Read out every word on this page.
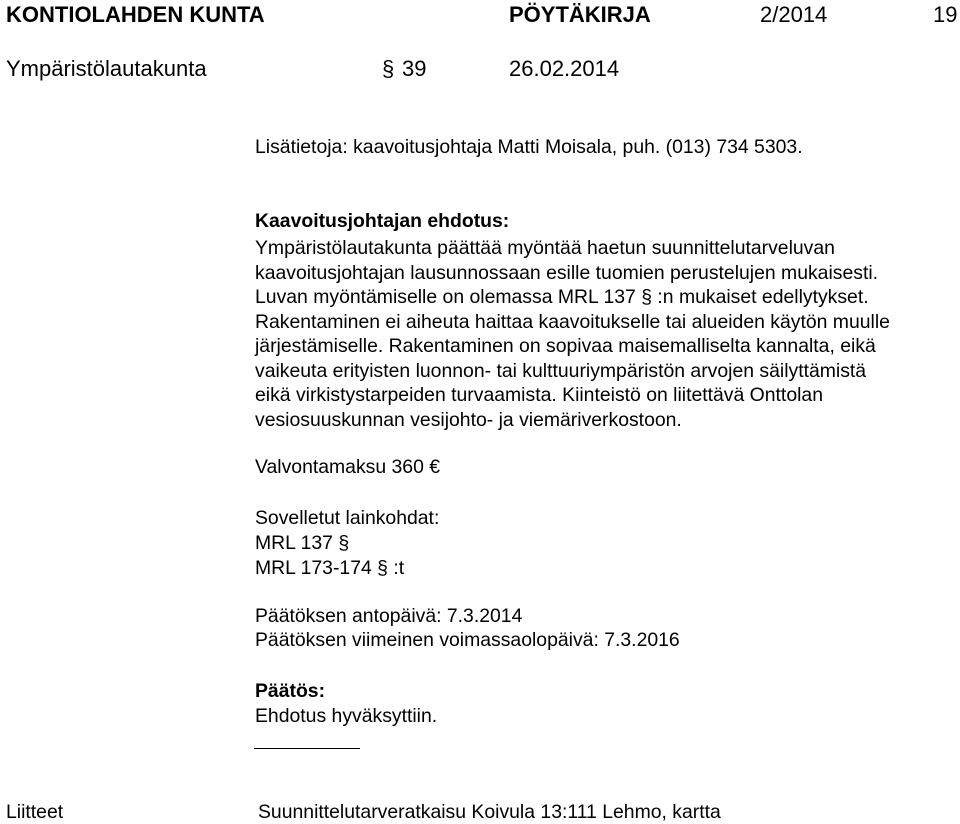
KONTIOLAHDEN KUNTA	PÖYTÄKIRJA	2/2014	19
Ympäristölautakunta	§ 39	26.02.2014
Lisätietoja: kaavoitusjohtaja Matti Moisala, puh. (013) 734 5303.
Kaavoitusjohtajan ehdotus:
Ympäristölautakunta päättää myöntää haetun suunnittelutarveluvan
kaavoitusjohtajan lausunnossaan esille tuomien perustelujen mukaisesti.
Luvan myöntämiselle on olemassa MRL 137 § :n mukaiset edellytykset.
Rakentaminen ei aiheuta haittaa kaavoitukselle tai alueiden käytön muulle
järjestämiselle. Rakentaminen on sopivaa maisemalliselta kannalta, eikä
vaikeuta erityisten luonnon- tai kulttuuriympäristön arvojen säilyttämistä
eikä virkistystarpeiden turvaamista. Kiinteistö on liitettävä Onttolan
vesiosuuskunnan vesijohto- ja viemäriverkostoon.
Valvontamaksu 360 €
Sovelletut lainkohdat:
MRL 137 §
MRL 173-174 § :t
Päätöksen antopäivä: 7.3.2014
Päätöksen viimeinen voimassaolopäivä: 7.3.2016
Päätös:
Ehdotus hyväksyttiin.
Liitteet	Suunnittelutarveratkaisu Koivula 13:111 Lehmo, kartta
